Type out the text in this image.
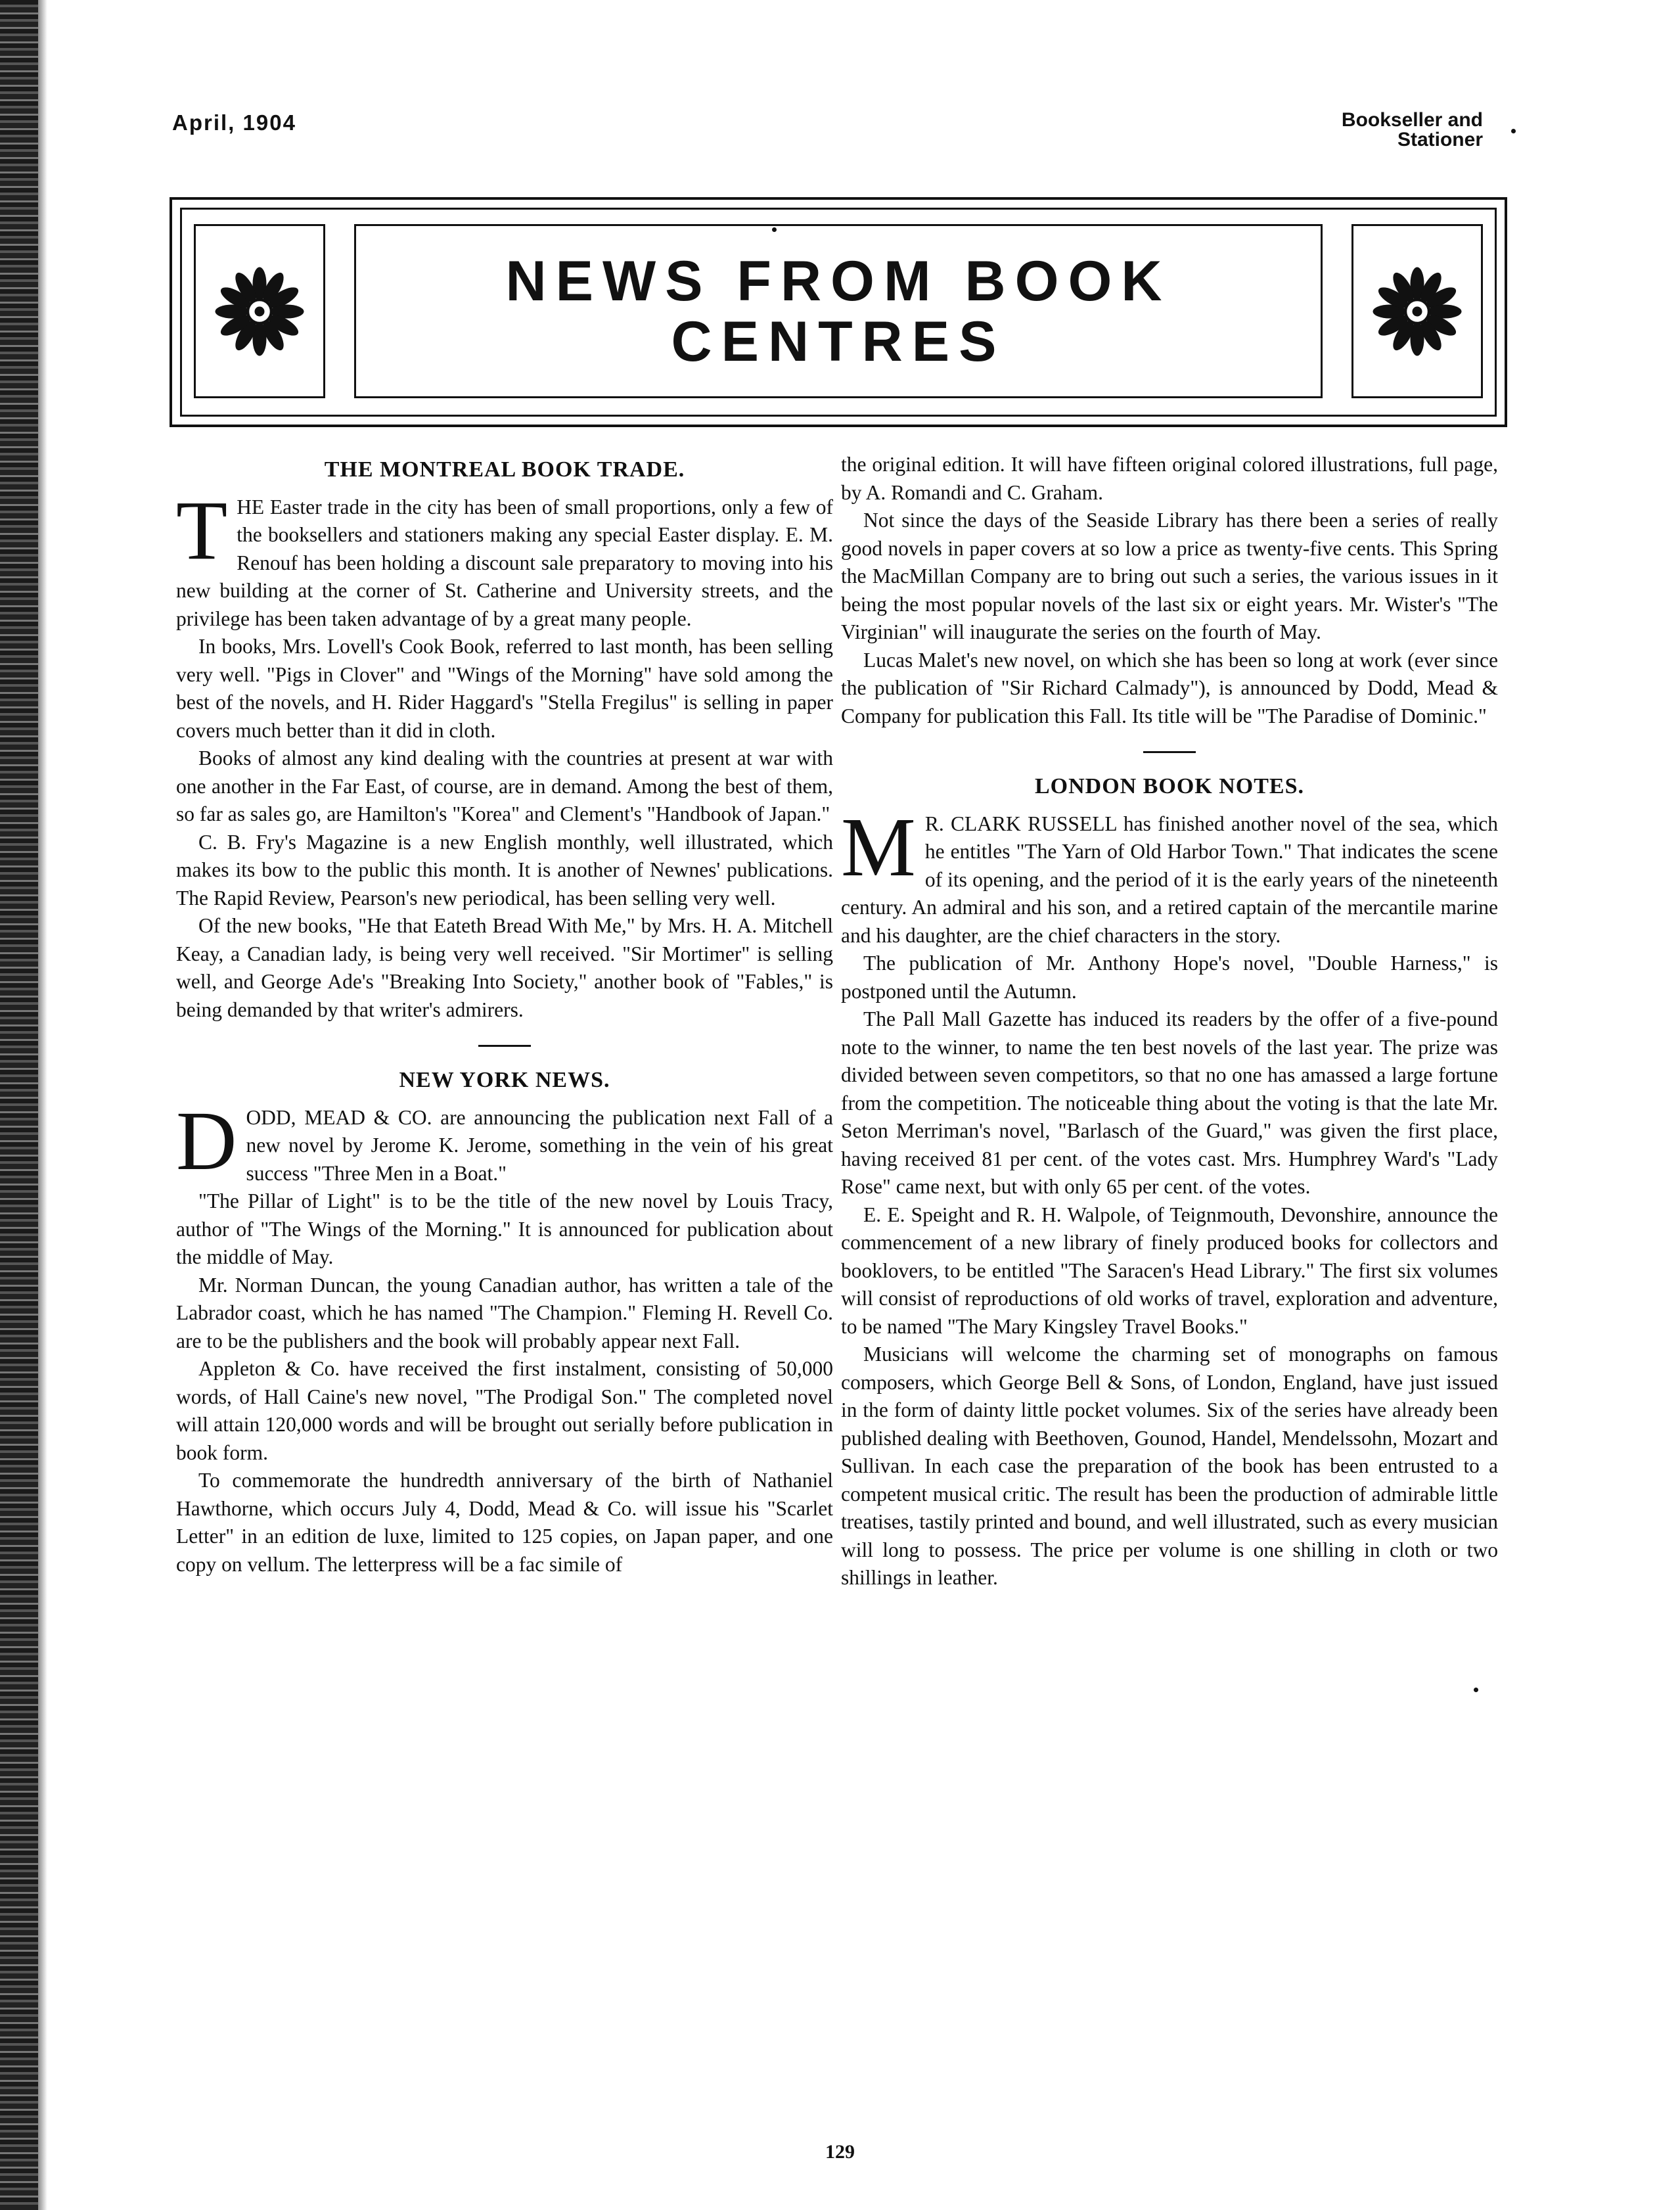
April, 1904	Bookseller and
Stationer
NEWS FROM BOOK
CENTRES
THE MONTREAL BOOK TRADE.

THE Easter trade in the city has been of small proportions, only a few of the booksellers and stationers making any special Easter display. E. M. Renouf has been holding a discount sale preparatory to moving into his new building at the corner of St. Catherine and University streets, and the privilege has been taken advantage of by a great many people.

In books, Mrs. Lovell's Cook Book, referred to last month, has been selling very well. "Pigs in Clover" and "Wings of the Morning" have sold among the best of the novels, and H. Rider Haggard's "Stella Fregilus" is selling in paper covers much better than it did in cloth.

Books of almost any kind dealing with the countries at present at war with one another in the Far East, of course, are in demand. Among the best of them, so far as sales go, are Hamilton's "Korea" and Clement's "Handbook of Japan."

C. B. Fry's Magazine is a new English monthly, well illustrated, which makes its bow to the public this month. It is another of Newnes' publications. The Rapid Review, Pearson's new periodical, has been selling very well.

Of the new books, "He that Eateth Bread With Me," by Mrs. H. A. Mitchell Keay, a Canadian lady, is being very well received. "Sir Mortimer" is selling well, and George Ade's "Breaking Into Society," another book of "Fables," is being demanded by that writer's admirers.

NEW YORK NEWS.

DODD, MEAD & CO. are announcing the publication next Fall of a new novel by Jerome K. Jerome, something in the vein of his great success "Three Men in a Boat."

"The Pillar of Light" is to be the title of the new novel by Louis Tracy, author of "The Wings of the Morning." It is announced for publication about the middle of May.

Mr. Norman Duncan, the young Canadian author, has written a tale of the Labrador coast, which he has named "The Champion." Fleming H. Revell Co. are to be the publishers and the book will probably appear next Fall.

Appleton & Co. have received the first instalment, consisting of 50,000 words, of Hall Caine's new novel, "The Prodigal Son." The completed novel will attain 120,000 words and will be brought out serially before publication in book form.

To commemorate the hundredth anniversary of the birth of Nathaniel Hawthorne, which occurs July 4, Dodd, Mead & Co. will issue his "Scarlet Letter" in an edition de luxe, limited to 125 copies, on Japan paper, and one copy on vellum. The letterpress will be a fac simile of

the original edition. It will have fifteen original colored illustrations, full page, by A. Romandi and C. Graham.

Not since the days of the Seaside Library has there been a series of really good novels in paper covers at so low a price as twenty-five cents. This Spring the MacMillan Company are to bring out such a series, the various issues in it being the most popular novels of the last six or eight years. Mr. Wister's "The Virginian" will inaugurate the series on the fourth of May.

Lucas Malet's new novel, on which she has been so long at work (ever since the publication of "Sir Richard Calmady"), is announced by Dodd, Mead & Company for publication this Fall. Its title will be "The Paradise of Dominic."

LONDON BOOK NOTES.

M R. CLARK RUSSELL has finished another novel of the sea, which he entitles "The Yarn of Old Harbor Town." That indicates the scene of its opening, and the period of it is the early years of the nineteenth century. An admiral and his son, and a retired captain of the mercantile marine and his daughter, are the chief characters in the story.

The publication of Mr. Anthony Hope's novel, "Double Harness," is postponed until the Autumn.

The Pall Mall Gazette has induced its readers by the offer of a five-pound note to the winner, to name the ten best novels of the last year. The prize was divided between seven competitors, so that no one has amassed a large fortune from the competition. The noticeable thing about the voting is that the late Mr. Seton Merriman's novel, "Barlasch of the Guard," was given the first place, having received 81 per cent. of the votes cast. Mrs. Humphrey Ward's "Lady Rose" came next, but with only 65 per cent. of the votes.

E. E. Speight and R. H. Walpole, of Teignmouth, Devonshire, announce the commencement of a new library of finely produced books for collectors and booklovers, to be entitled "The Saracen's Head Library." The first six volumes will consist of reproductions of old works of travel, exploration and adventure, to be named "The Mary Kingsley Travel Books."

Musicians will welcome the charming set of monographs on famous composers, which George Bell & Sons, of London, England, have just issued in the form of dainty little pocket volumes. Six of the series have already been published dealing with Beethoven, Gounod, Handel, Mendelssohn, Mozart and Sullivan. In each case the preparation of the book has been entrusted to a competent musical critic. The result has been the production of admirable little treatises, tastily printed and bound, and well illustrated, such as every musician will long to possess. The price per volume is one shilling in cloth or two shillings in leather.

129
